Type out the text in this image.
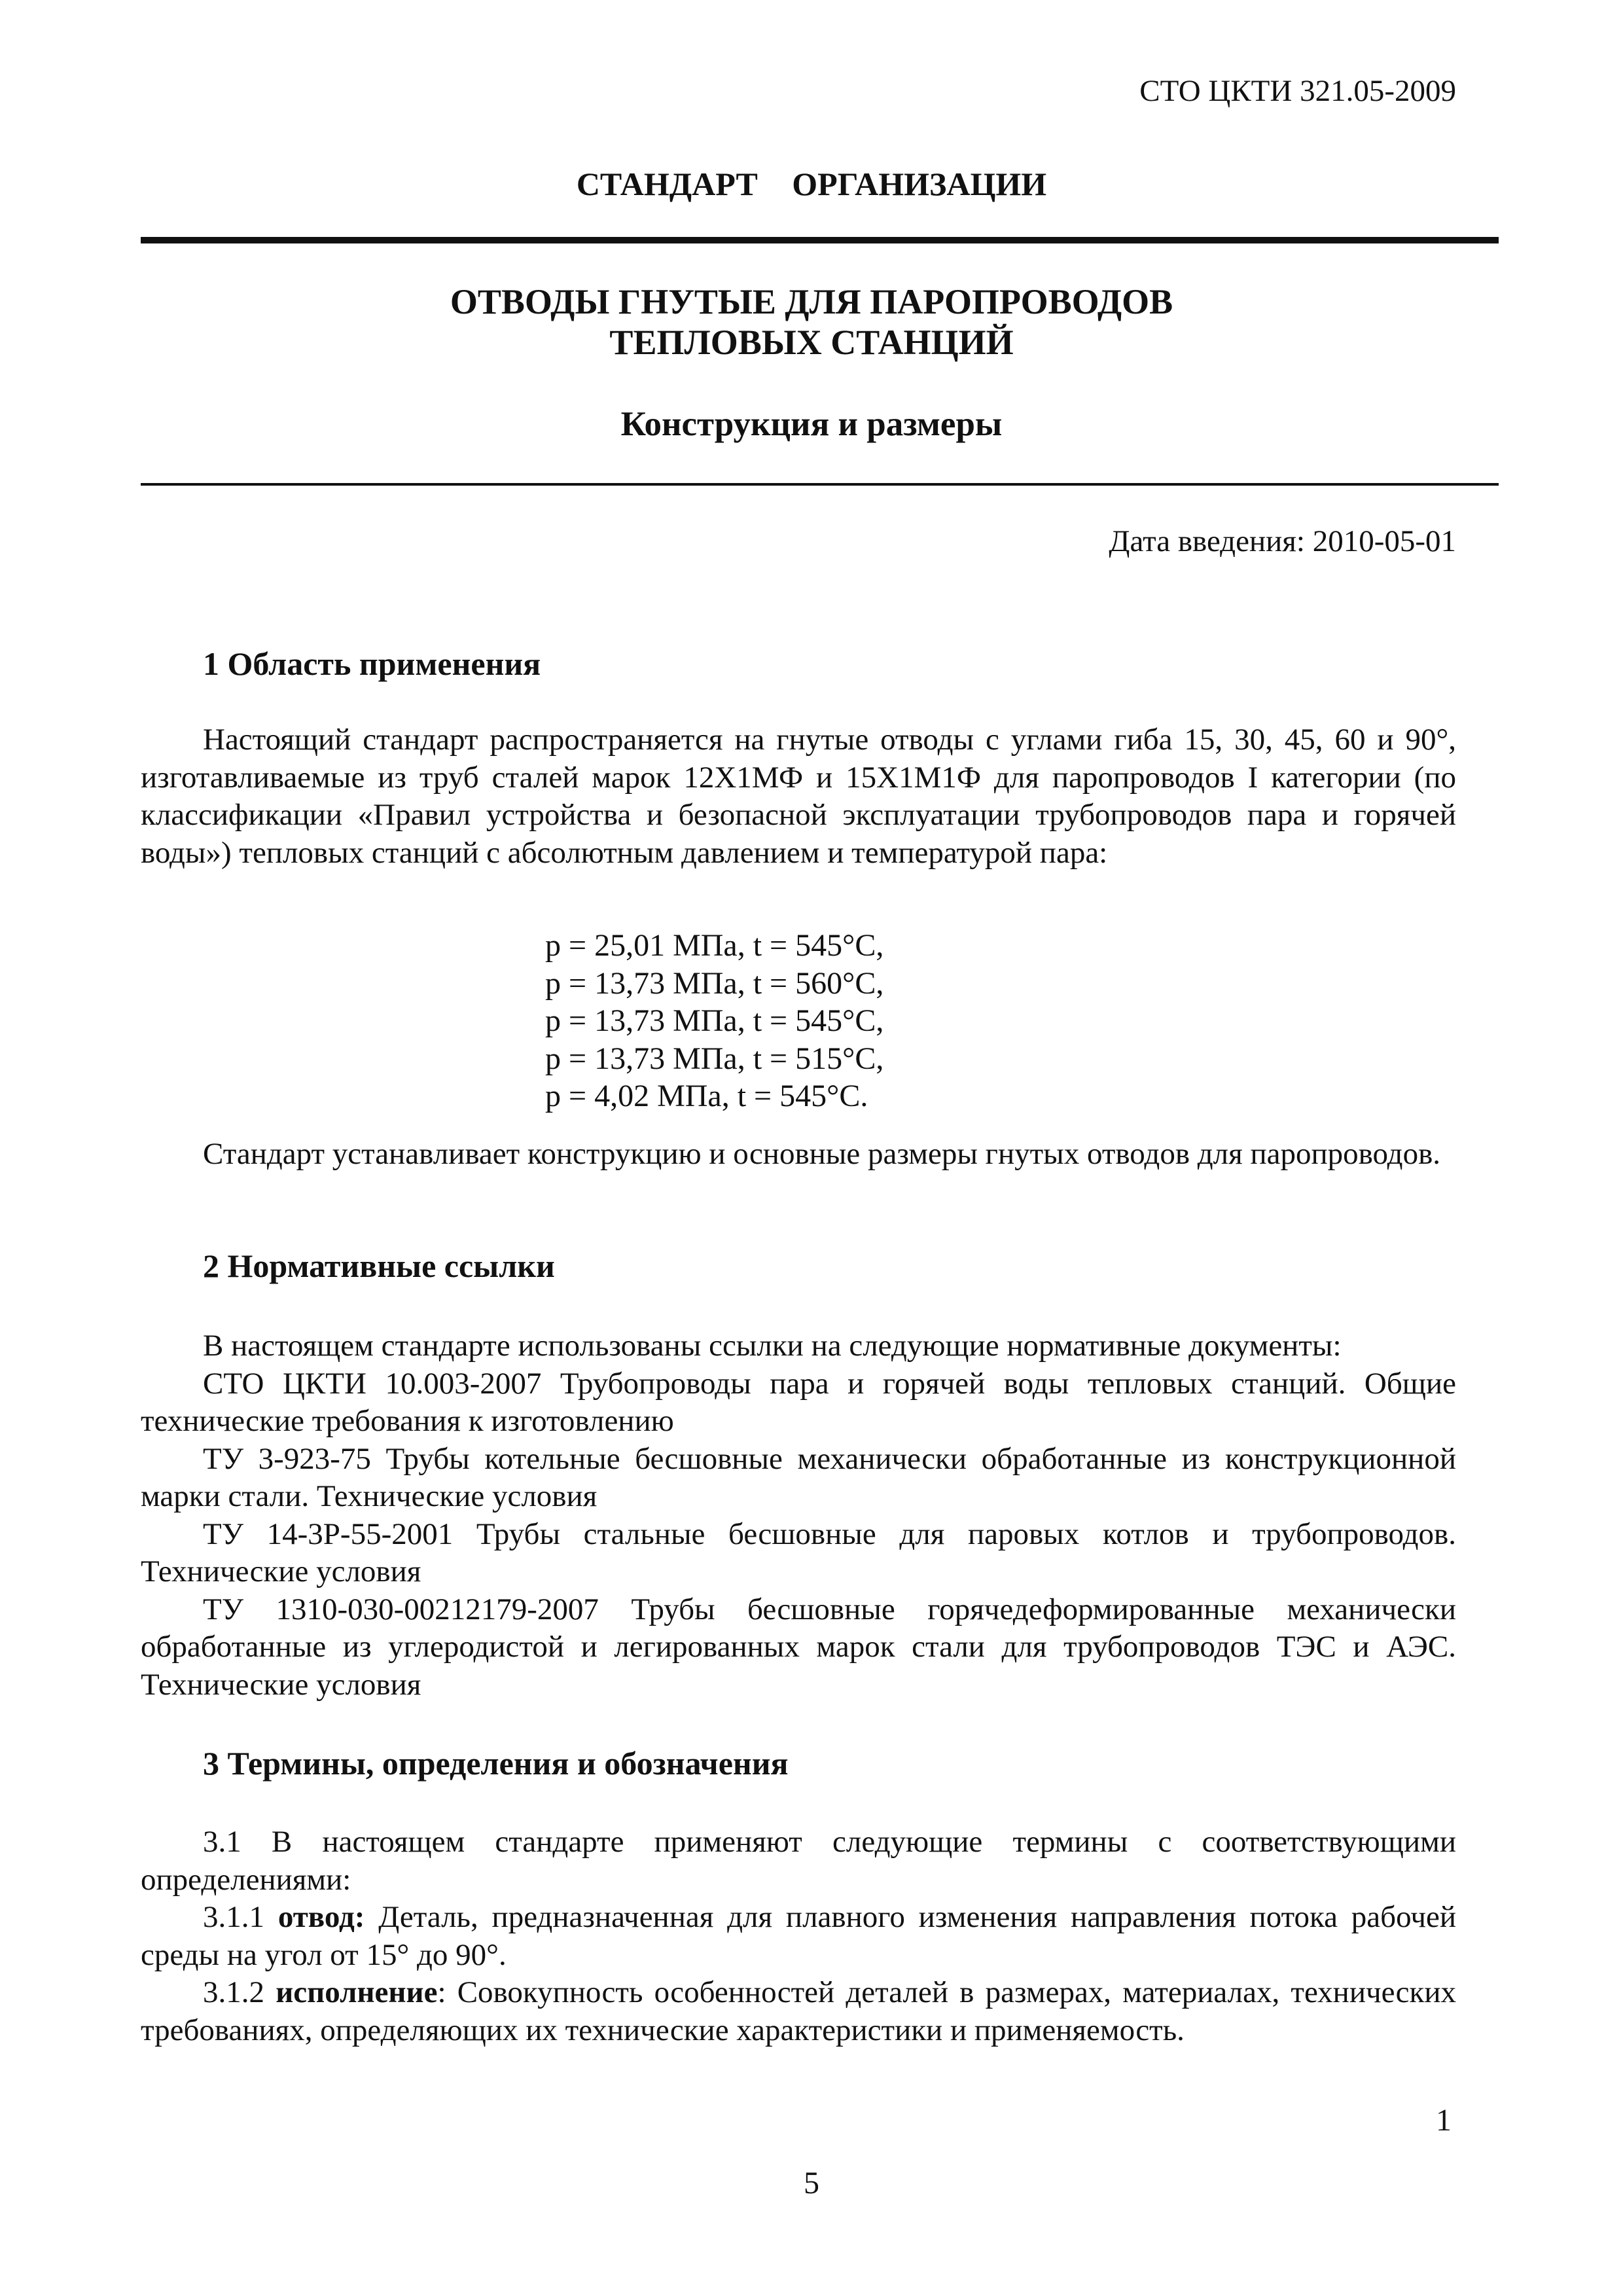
СТО ЦКТИ 321.05-2009
СТАНДАРТ ОРГАНИЗАЦИИ
ОТВОДЫ ГНУТЫЕ ДЛЯ ПАРОПРОВОДОВ
ТЕПЛОВЫХ СТАНЦИЙ
Конструкция и размеры
Дата введения: 2010-05-01
1 Область применения

Настоящий стандарт распространяется на гнутые отводы с углами гиба 15, 30, 45, 60 и 90°, изготавливаемые из труб сталей марок 12Х1МФ и 15Х1М1Ф для паропроводов I категории (по классификации «Правил устройства и безопасной эксплуатации трубопроводов пара и горячей воды») тепловых станций с абсолютным давлением и температурой пара:

p = 25,01 МПа, t = 545°С,
p = 13,73 МПа, t = 560°С,
p = 13,73 МПа, t = 545°С,
p = 13,73 МПа, t = 515°С,
p = 4,02 МПа, t = 545°С.

Стандарт устанавливает конструкцию и основные размеры гнутых отводов для паропроводов.

2 Нормативные ссылки

В настоящем стандарте использованы ссылки на следующие нормативные документы:

СТО ЦКТИ 10.003-2007 Трубопроводы пара и горячей воды тепловых станций. Общие технические требования к изготовлению

ТУ 3-923-75 Трубы котельные бесшовные механически обработанные из конструкционной марки стали. Технические условия

ТУ 14-3Р-55-2001 Трубы стальные бесшовные для паровых котлов и трубопроводов. Технические условия

ТУ 1310-030-00212179-2007 Трубы бесшовные горячедеформированные механически обработанные из углеродистой и легированных марок стали для трубопроводов ТЭС и АЭС. Технические условия

3 Термины, определения и обозначения

3.1 В настоящем стандарте применяют следующие термины с соответствующими определениями:

3.1.1 отвод: Деталь, предназначенная для плавного изменения направления потока рабочей среды на угол от 15° до 90°.

3.1.2 исполнение: Совокупность особенностей деталей в размерах, материалах, технических требованиях, определяющих их технические характеристики и применяемость.

1
5
